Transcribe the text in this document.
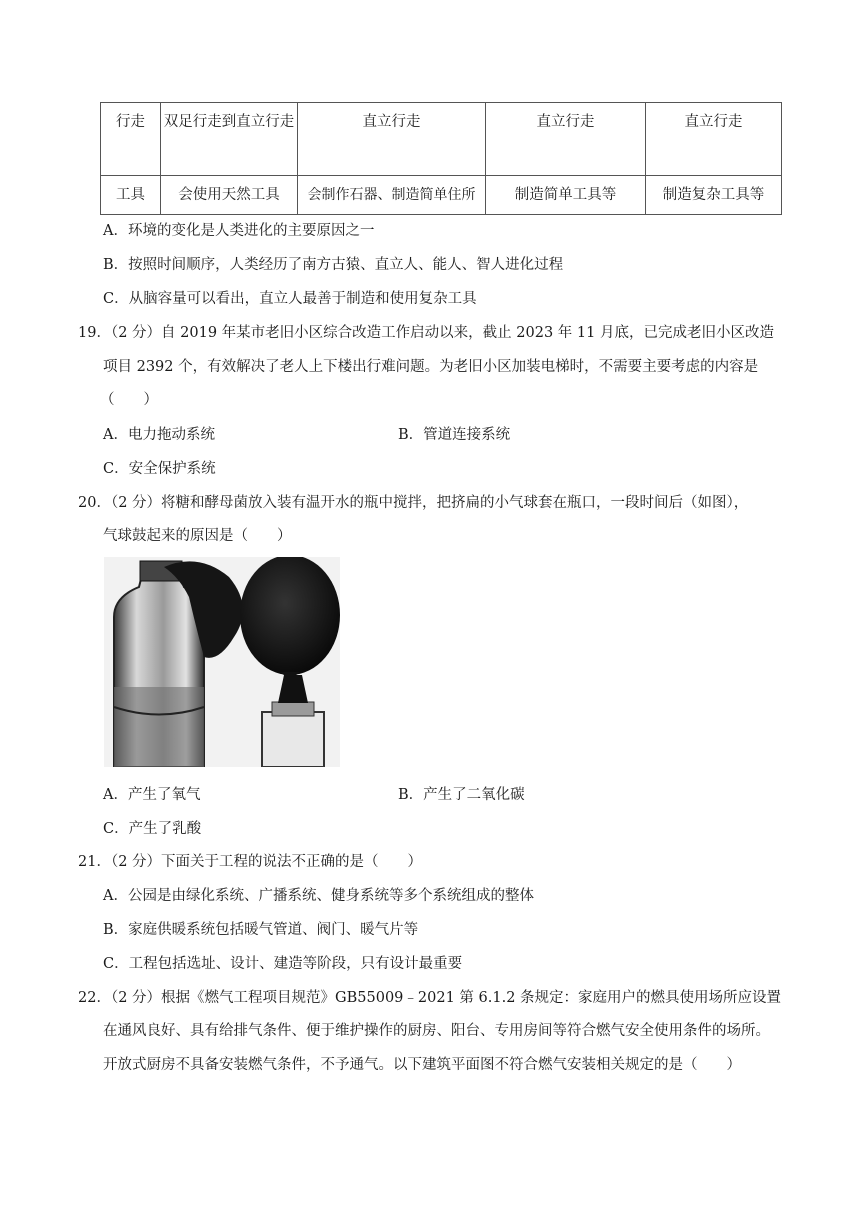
行走	双足行走到直立行走	直立行走	直立行走	直立行走
工具	会使用天然工具	会制作石器、制造简单住所	制造简单工具等	制造复杂工具等
A．环境的变化是人类进化的主要原因之一
B．按照时间顺序，人类经历了南方古猿、直立人、能人、智人进化过程
C．从脑容量可以看出，直立人最善于制造和使用复杂工具
19．（2 分）自 2019 年某市老旧小区综合改造工作启动以来，截止 2023 年 11 月底，已完成老旧小区改造
项目 2392 个，有效解决了老人上下楼出行难问题。为老旧小区加装电梯时，不需要主要考虑的内容是
（　　）
A．电力拖动系统	B．管道连接系统
C．安全保护系统
20．（2 分）将糖和酵母菌放入装有温开水的瓶中搅拌，把挤扁的小气球套在瓶口，一段时间后（如图），
气球鼓起来的原因是（　　）
A．产生了氧气	B．产生了二氧化碳
C．产生了乳酸
21．（2 分）下面关于工程的说法不正确的是（　　）
A．公园是由绿化系统、广播系统、健身系统等多个系统组成的整体
B．家庭供暖系统包括暖气管道、阀门、暖气片等
C．工程包括选址、设计、建造等阶段，只有设计最重要
22．（2 分）根据《燃气工程项目规范》GB55009﹣2021 第 6.1.2 条规定：家庭用户的燃具使用场所应设置
在通风良好、具有给排气条件、便于维护操作的厨房、阳台、专用房间等符合燃气安全使用条件的场所。
开放式厨房不具备安装燃气条件，不予通气。以下建筑平面图不符合燃气安装相关规定的是（　　）
